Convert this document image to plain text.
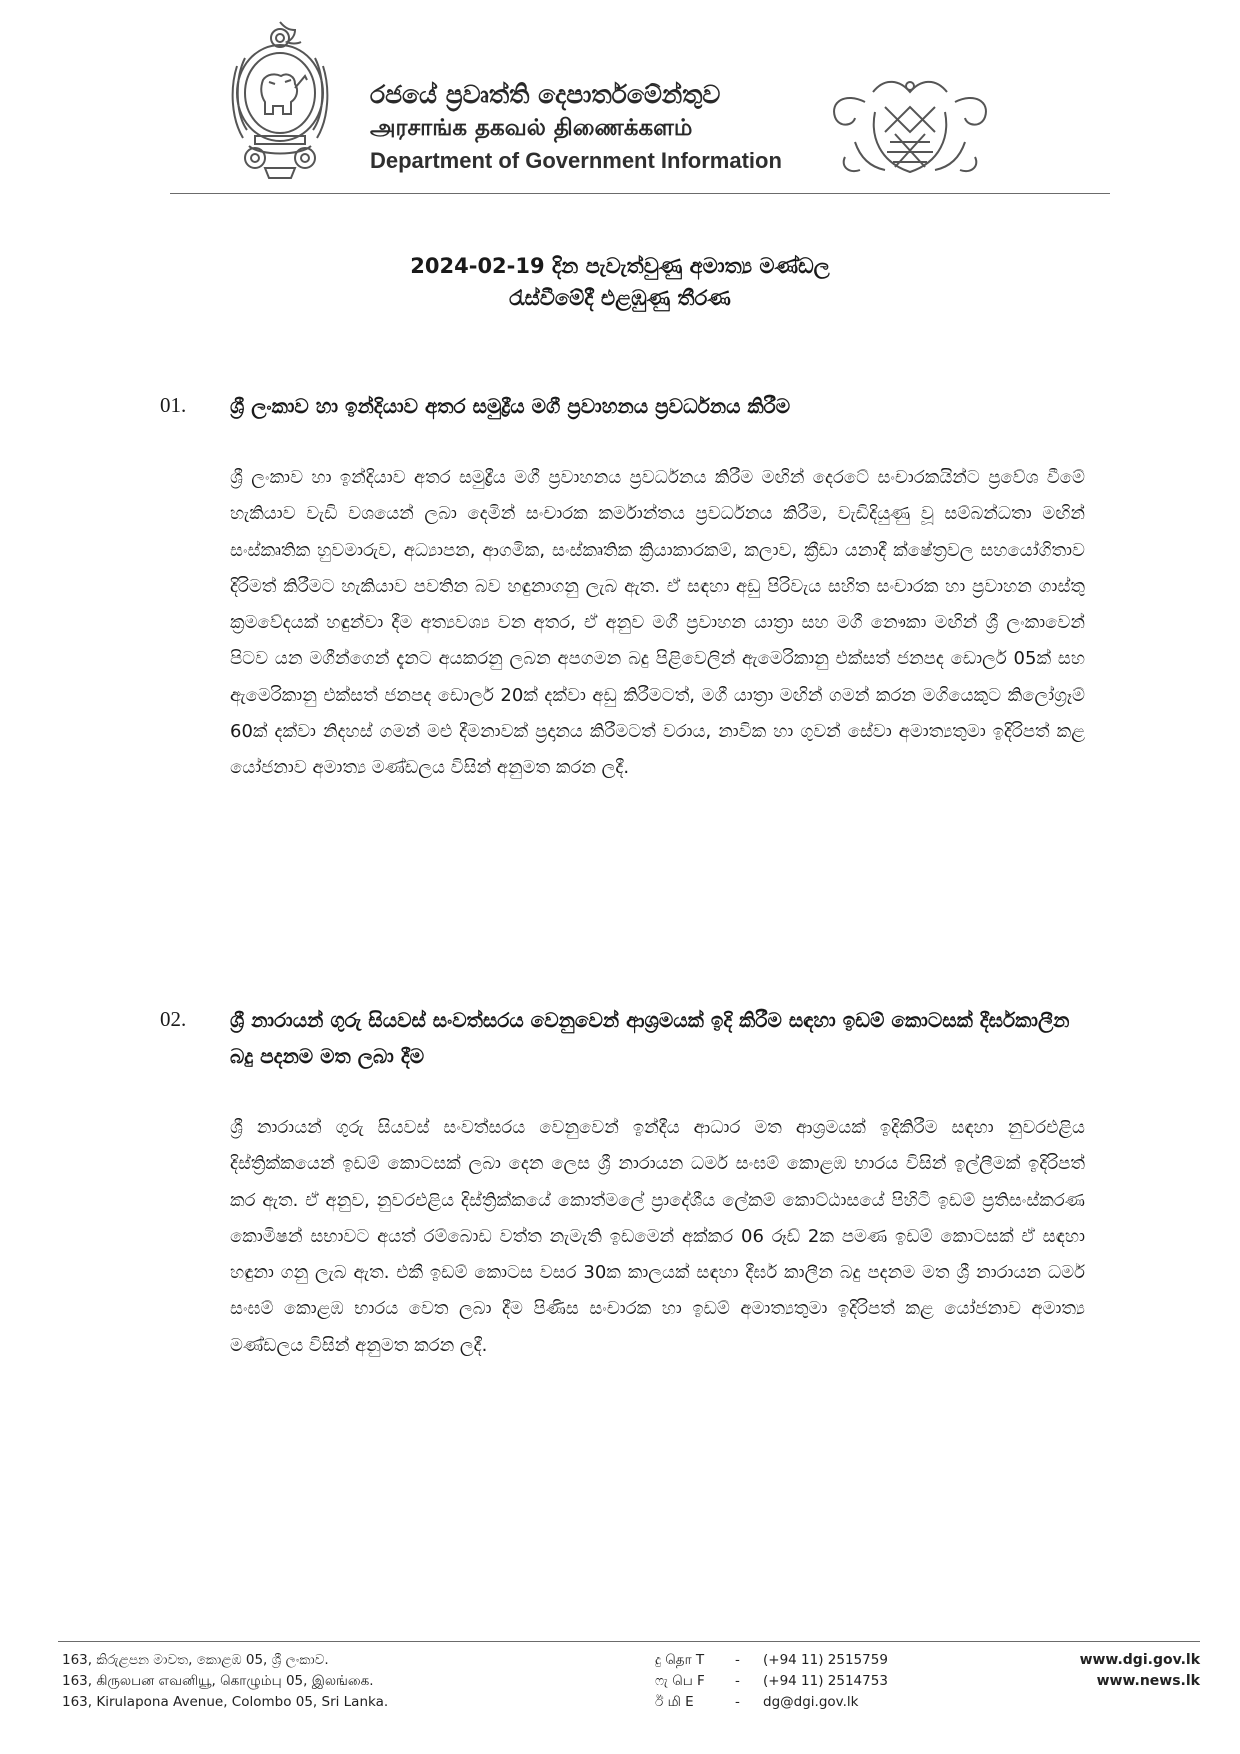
රජයේ ප්‍රවෘත්ති දෙපාර්තමේන්තුව
அரசாங்க தகவல் திணைக்களம்
Department of Government Information
2024-02-19 දින පැවැත්වුණු අමාත්‍ය මණ්ඩල
රැස්වීමේදී එළඹුණු තීරණ
01. ශ්‍රී ලංකාව හා ඉන්දියාව අතර සමුද්‍රීය මගී ප්‍රවාහනය ප්‍රවර්ධනය කිරීම
ශ්‍රී ලංකාව හා ඉන්දියාව අතර සමුද්‍රීය මගී ප්‍රවාහනය ප්‍රවර්ධනය කිරීම මඟින් දෙරටේ සංචාරකයින්ට ප්‍රවේශ වීමේ හැකියාව වැඩි වශයෙන් ලබා දෙමින් සංචාරක කර්මාන්තය ප්‍රවර්ධනය කිරීම, වැඩිදියුණු වූ සම්බන්ධතා මඟින් සංස්කෘතික හුවමාරුව, අධ්‍යාපන, ආගමික, සංස්කෘතික ක්‍රියාකාරකම්, කලාව, ක්‍රීඩා යනාදී ක්ෂේත්‍රවල සහයෝගිතාව දිරිමත් කිරීමට හැකියාව පවතින බව හඳුනාගනු ලැබ ඇත. ඒ සඳහා අඩු පිරිවැය සහිත සංචාරක හා ප්‍රවාහන ගාස්තු ක්‍රමවේදයක් හඳුන්වා දීම අත්‍යවශ්‍ය වන අතර, ඒ අනුව මගී ප්‍රවාහන යාත්‍රා සහ මගී නෞකා මඟින් ශ්‍රී ලංකාවෙන් පිටව යන මගීන්ගෙන් දැනට අයකරනු ලබන අපගමන බදු පිළිවෙලින් ඇමෙරිකානු එක්සත් ජනපද ඩොලර් 05ක් සහ ඇමෙරිකානු එක්සත් ජනපද ඩොලර් 20ක් දක්වා අඩු කිරීමටත්, මගී යාත්‍රා මඟින් ගමන් කරන මගියෙකුට කිලෝග්‍රෑම් 60ක් දක්වා නිදහස් ගමන් මළු දීමනාවක් ප්‍රදානය කිරීමටත් වරාය, නාවික හා ගුවන් සේවා අමාත්‍යතුමා ඉදිරිපත් කළ යෝජනාව අමාත්‍ය මණ්ඩලය විසින් අනුමත කරන ලදී.
02. ශ්‍රී නාරායන් ගුරු සියවස් සංවත්සරය වෙනුවෙන් ආශ්‍රමයක් ඉදි කිරීම සඳහා ඉඩම් කොටසක් දීර්ඝකාලීන බදු පදනම මත ලබා දීම
ශ්‍රී නාරායන් ගුරු සියවස් සංවත්සරය වෙනුවෙන් ඉන්දීය ආධාර මත ආශ්‍රමයක් ඉදිකිරීම සඳහා නුවරඑළිය දිස්ත්‍රික්කයෙන් ඉඩම් කොටසක් ලබා දෙන ලෙස ශ්‍රී නාරායන ධර්ම සංඝම් කොළඹ භාරය විසින් ඉල්ලීමක් ඉදිරිපත් කර ඇත. ඒ අනුව, නුවරඑළිය දිස්ත්‍රික්කයේ කොත්මලේ ප්‍රාදේශීය ලේකම් කොට්ඨාසයේ පිහිටි ඉඩම් ප්‍රතිසංස්කරණ කොමිෂන් සභාවට අයත් රම්බොඩ වත්ත නැමැති ඉඩමෙන් අක්කර 06 රූඩ් 2ක පමණ ඉඩම් කොටසක් ඒ සඳහා හඳුනා ගනු ලැබ ඇත. එකී ඉඩම් කොටස වසර 30ක කාලයක් සඳහා දීර්ඝ කාලීන බදු පදනම මත ශ්‍රී නාරායන ධර්ම සංඝම් කොළඹ භාරය වෙත ලබා දීම පිණිස සංචාරක හා ඉඩම් අමාත්‍යතුමා ඉදිරිපත් කළ යෝජනාව අමාත්‍ය මණ්ඩලය විසින් අනුමත කරන ලදී.
163, කිරුළපන මාවත, කොළඹ 05, ශ්‍රී ලංකාව.
163, கிருலபன எவனியூ, கொழும்பு 05, இலங்கை.
163, Kirulapona Avenue, Colombo 05, Sri Lanka.
දු தொ T - (+94 11) 2515759
ෆැ பெ F - (+94 11) 2514753
ඊ மி E	- dg@dgi.gov.lk
www.dgi.gov.lk
www.news.lk
